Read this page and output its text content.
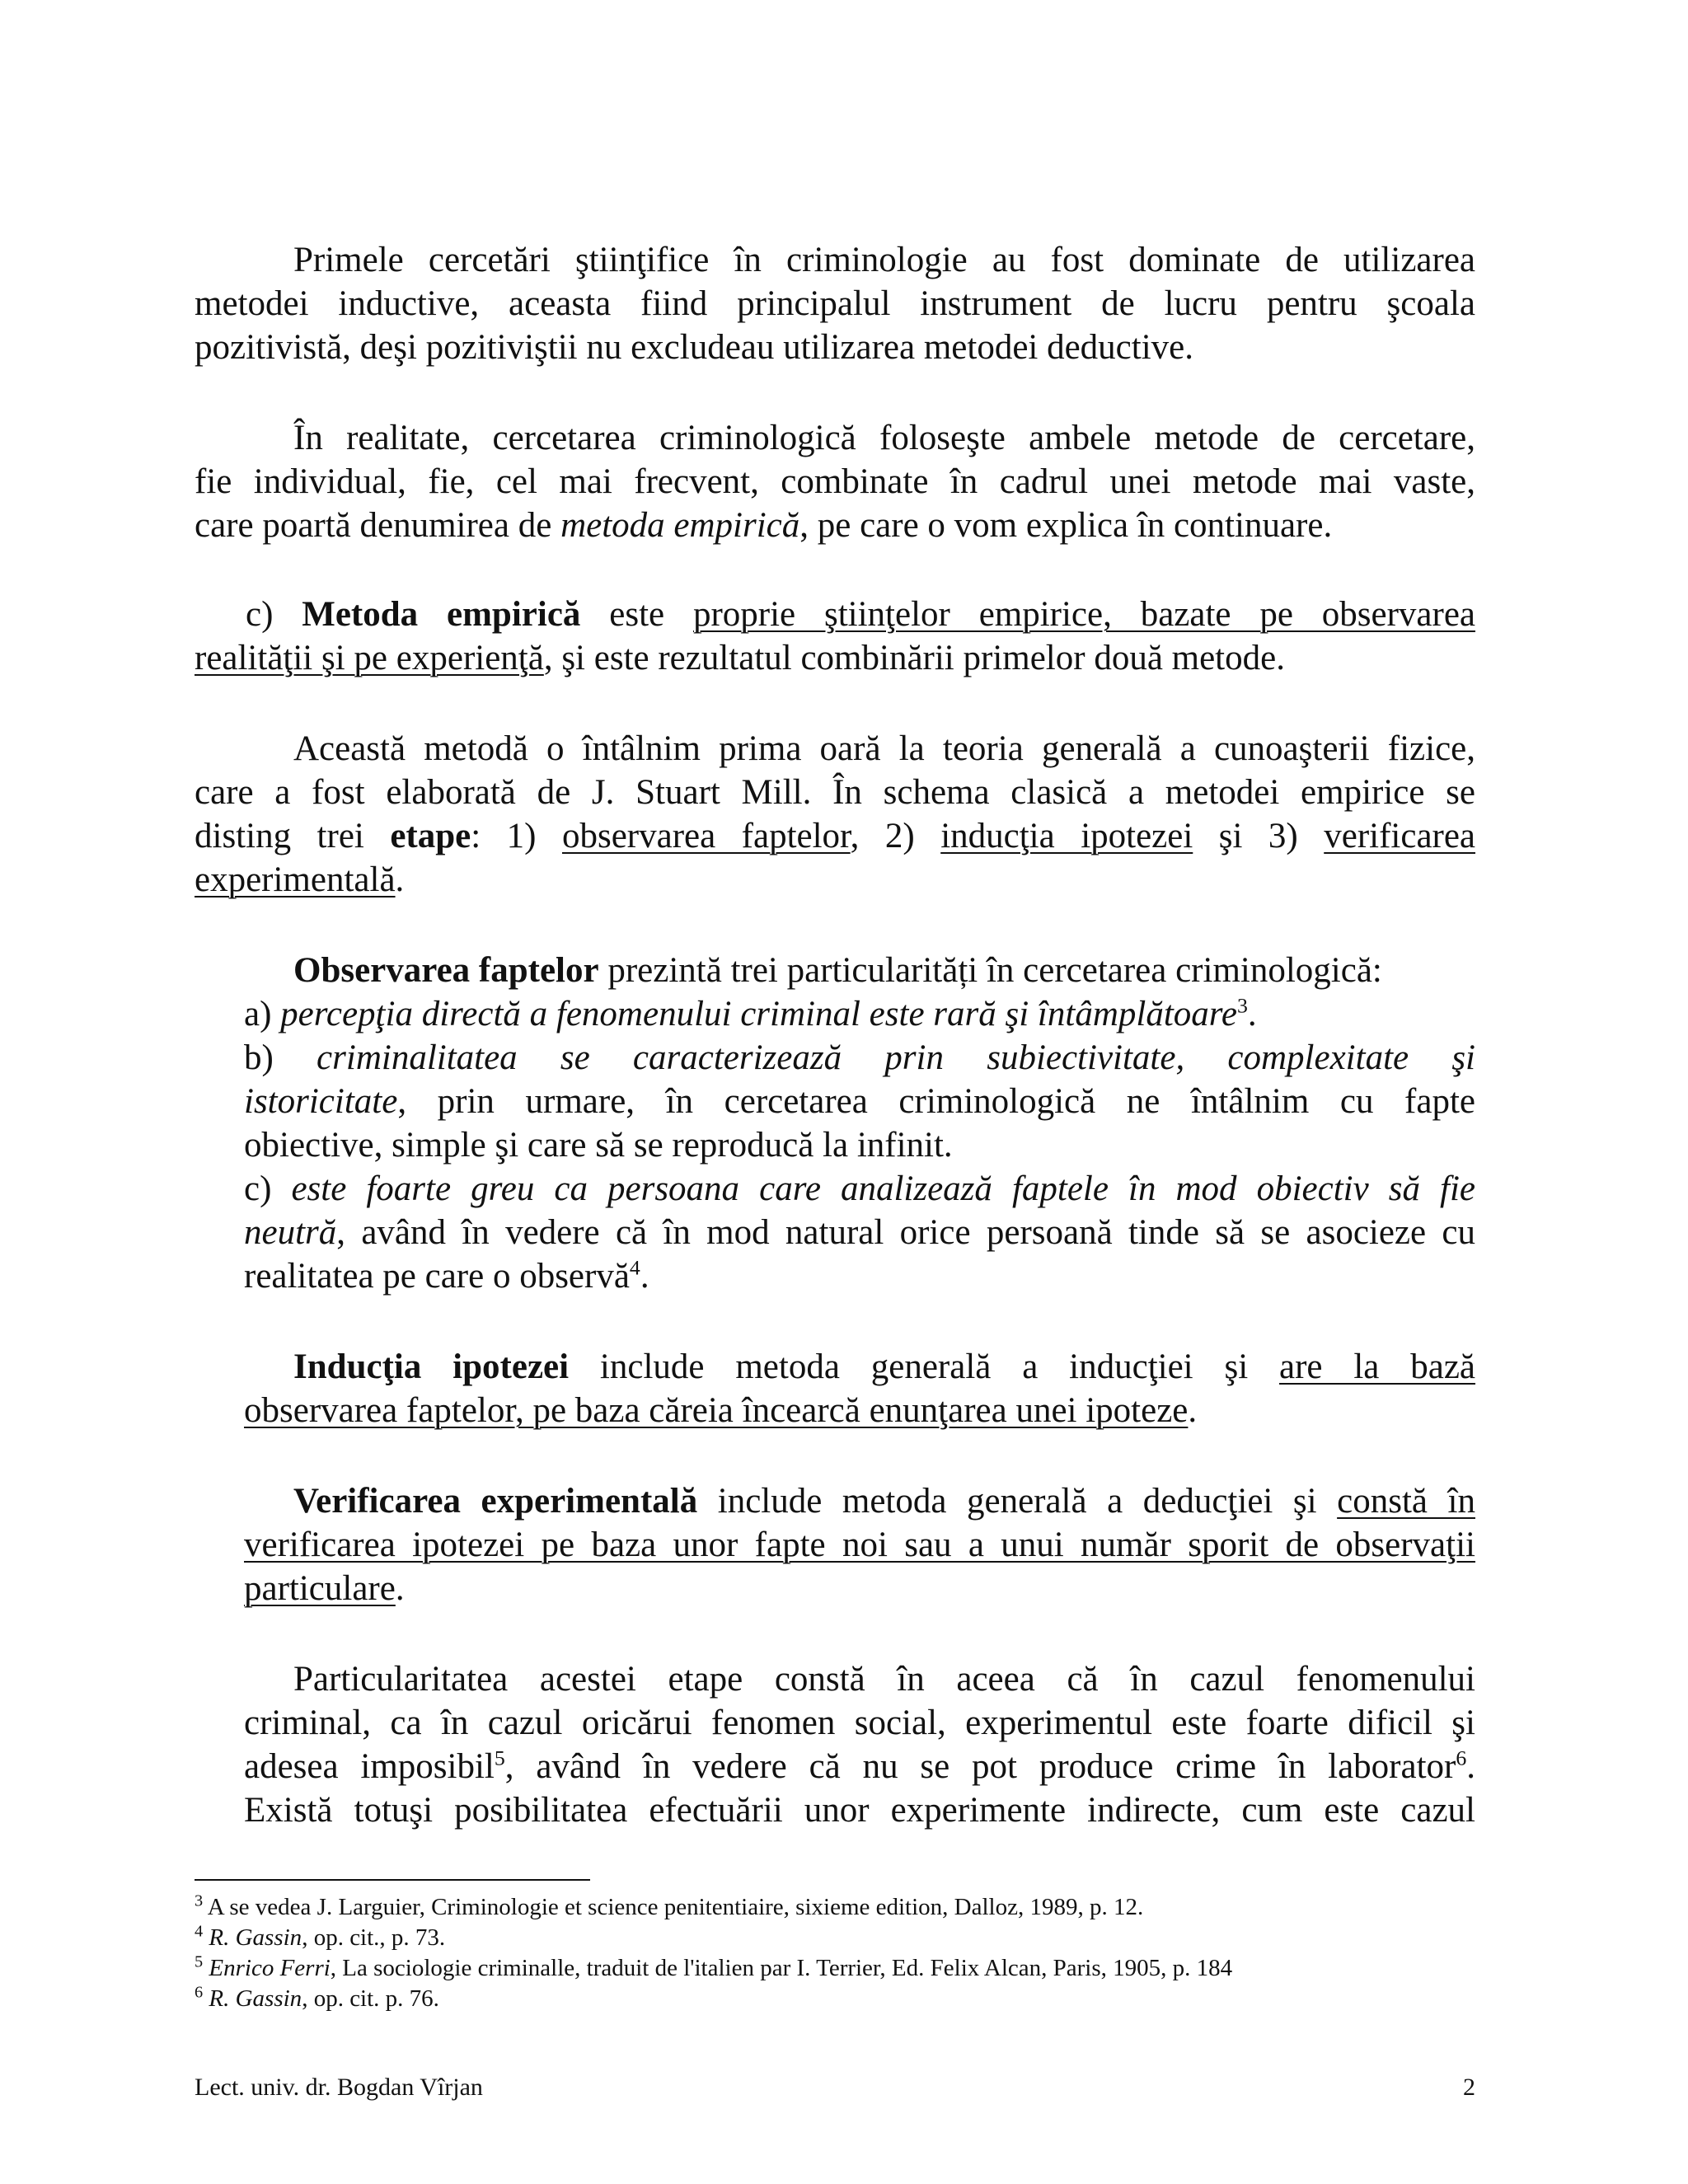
Primele cercetări ştiinţifice în criminologie au fost dominate de utilizarea
metodei inductive, aceasta fiind principalul instrument de lucru pentru şcoala
pozitivistă, deşi pozitiviştii nu excludeau utilizarea metodei deductive.
În realitate, cercetarea criminologică foloseşte ambele metode de cercetare,
fie individual, fie, cel mai frecvent, combinate în cadrul unei metode mai vaste,
care poartă denumirea de metoda empirică, pe care o vom explica în continuare.
c) Metoda empirică este proprie ştiinţelor empirice, bazate pe observarea
realităţii şi pe experienţă, şi este rezultatul combinării primelor două metode.
Această metodă o întâlnim prima oară la teoria generală a cunoaşterii fizice,
care a fost elaborată de J. Stuart Mill. În schema clasică a metodei empirice se
disting trei etape: 1) observarea faptelor, 2) inducţia ipotezei şi 3) verificarea
experimentală.
Observarea faptelor prezintă trei particularități în cercetarea criminologică:
a) percepţia directă a fenomenului criminal este rară şi întâmplătoare$^3$.
b) criminalitatea se caracterizează prin subiectivitate, complexitate şi
istoricitate, prin urmare, în cercetarea criminologică ne întâlnim cu fapte
obiective, simple şi care să se reproducă la infinit.
c) este foarte greu ca persoana care analizează faptele în mod obiectiv să fie
neutră, având în vedere că în mod natural orice persoană tinde să se asocieze cu
realitatea pe care o observă$^4$.
Inducţia ipotezei include metoda generală a inducţiei şi are la bază
observarea faptelor, pe baza căreia încearcă enunţarea unei ipoteze.
Verificarea experimentală include metoda generală a deducţiei şi constă în
verificarea ipotezei pe baza unor fapte noi sau a unui număr sporit de observaţii
particulare.
Particularitatea acestei etape constă în aceea că în cazul fenomenului
criminal, ca în cazul oricărui fenomen social, experimentul este foarte dificil şi
adesea imposibil$^5$, având în vedere că nu se pot produce crime în laborator$^6$.
Există totuşi posibilitatea efectuării unor experimente indirecte, cum este cazul
$^3$ A se vedea J. Larguier, Criminologie et science penitentiaire, sixieme edition, Dalloz, 1989, p. 12.
$^4$ R. Gassin, op. cit., p. 73.
$^5$ Enrico Ferri, La sociologie criminalle, traduit de l'italien par I. Terrier, Ed. Felix Alcan, Paris, 1905, p. 184
$^6$ R. Gassin, op. cit. p. 76.
Lect. univ. dr. Bogdan Vîrjan	2
